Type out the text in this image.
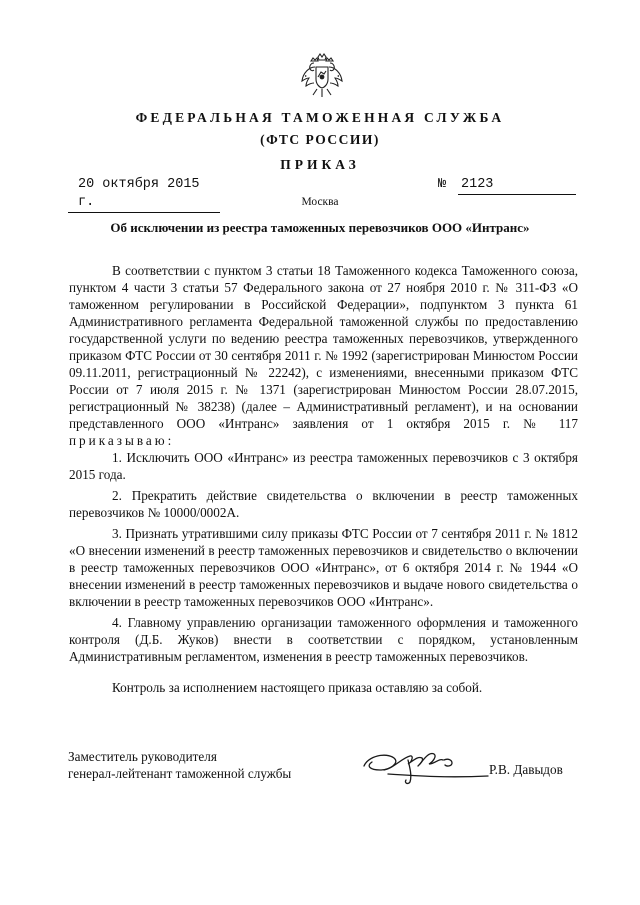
ФЕДЕРАЛЬНАЯ ТАМОЖЕННАЯ СЛУЖБА
(ФТС РОССИИ)
ПРИКАЗ
20 октября 2015 г.
№ 2123
Москва
Об исключении из реестра таможенных перевозчиков ООО «Интранс»

В соответствии с пунктом 3 статьи 18 Таможенного кодекса Таможенного союза, пунктом 4 части 3 статьи 57 Федерального закона от 27 ноября 2010 г. № 311-ФЗ «О таможенном регулировании в Российской Федерации», подпунктом 3 пункта 61 Административного регламента Федеральной таможенной службы по предоставлению государственной услуги по ведению реестра таможенных перевозчиков, утвержденного приказом ФТС России от 30 сентября 2011 г. № 1992 (зарегистрирован Минюстом России 09.11.2011, регистрационный № 22242), с изменениями, внесенными приказом ФТС России от 7 июля 2015 г. № 1371 (зарегистрирован Минюстом России 28.07.2015, регистрационный № 38238) (далее – Административный регламент), и на основании представленного ООО «Интранс» заявления от 1 октября 2015 г. № 117 приказываю:

1. Исключить ООО «Интранс» из реестра таможенных перевозчиков с 3 октября 2015 года.

2. Прекратить действие свидетельства о включении в реестр таможенных перевозчиков № 10000/0002А.

3. Признать утратившими силу приказы ФТС России от 7 сентября 2011 г. № 1812 «О внесении изменений в реестр таможенных перевозчиков и свидетельство о включении в реестр таможенных перевозчиков ООО «Интранс», от 6 октября 2014 г. № 1944 «О внесении изменений в реестр таможенных перевозчиков и выдаче нового свидетельства о включении в реестр таможенных перевозчиков ООО «Интранс».

4. Главному управлению организации таможенного оформления и таможенного контроля (Д.Б. Жуков) внести в соответствии с порядком, установленным Административным регламентом, изменения в реестр таможенных перевозчиков.

Контроль за исполнением настоящего приказа оставляю за собой.

Заместитель руководителя
генерал-лейтенант таможенной службы	Р.В. Давыдов
